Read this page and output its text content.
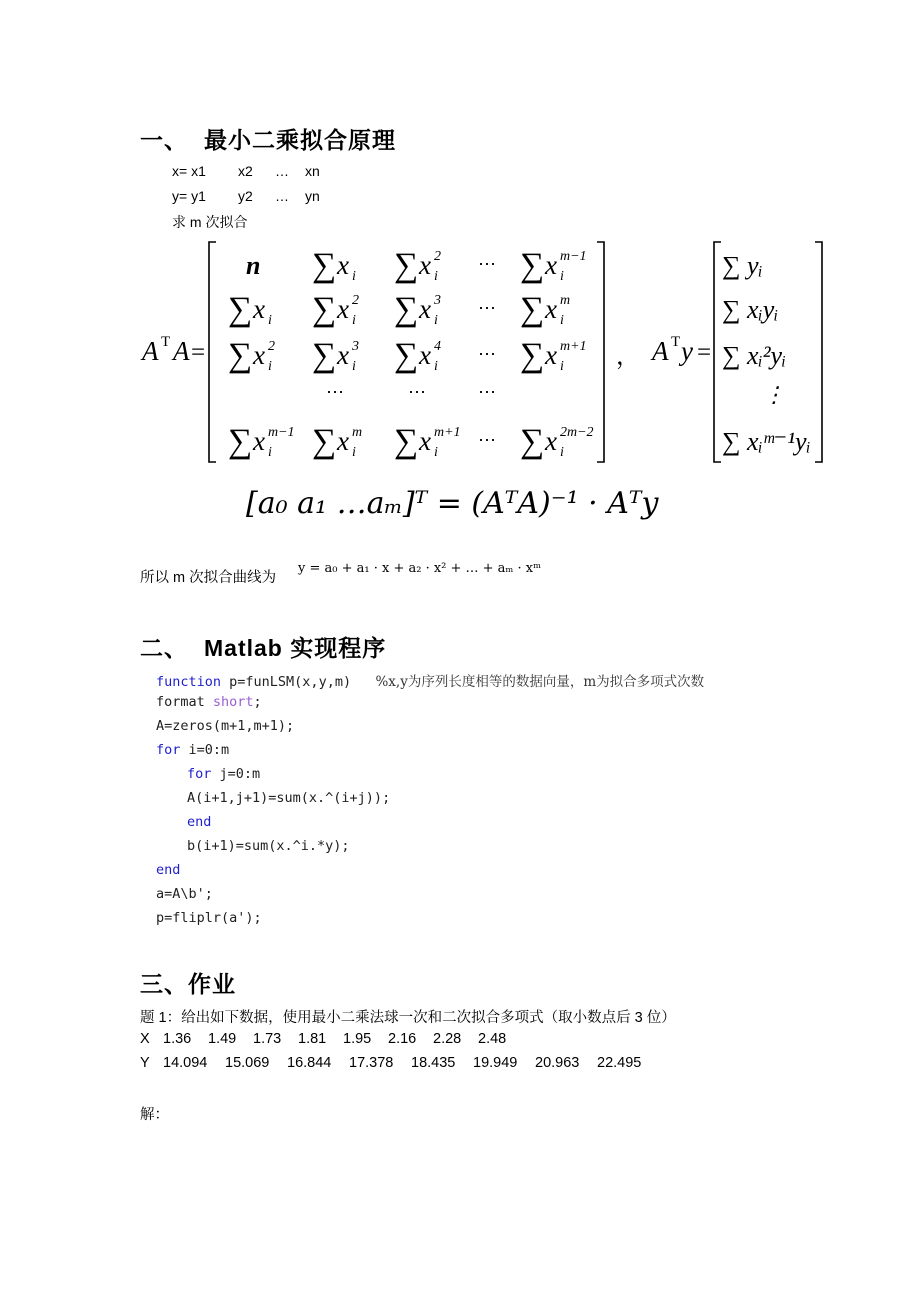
一、 最小二乘拟合原理
x= x1 x2 … xn
y= y1 y2 … yn
求 m 次拟合
A T A =
n ∑ x i ∑ x i
2 ⋯ ∑ x i
m−1
∑ x i ∑ x i
2 ∑ x i
3 ⋯ ∑ x i
m
∑ x i
2 ∑ x i
3 ∑ x i
4 ⋯ ∑ x i
m+1
⋯	⋯	⋯
∑ x i
m−1 ∑ x i
m ∑ x i
m+1 ⋯ ∑ x i
2m−2
， A T y =
∑ yᵢ
∑ xᵢyᵢ
∑ xᵢ²yᵢ
⋮
∑ xᵢᵐ⁻¹yᵢ
[a₀ a₁ …aₘ]ᵀ = (AᵀA)⁻¹ · Aᵀy
所以 m 次拟合曲线为
y = a₀ + a₁ · x + a₂ · x² + … + aₘ · xᵐ
二、 Matlab 实现程序
function p=funLSM(x,y,m)   %x,y为序列长度相等的数据向量，m为拟合多项式次数
format short;
A=zeros(m+1,m+1);
for i=0:m
for j=0:m
A(i+1,j+1)=sum(x.^(i+j));
end
b(i+1)=sum(x.^i.*y);
end
a=A\b';
p=fliplr(a');
三、作业
题 1：给出如下数据，使用最小二乘法球一次和二次拟合多项式（取小数点后 3 位）
X 1.36 1.49 1.73 1.81 1.95 2.16 2.28 2.48
Y 14.094 15.069 16.844 17.378 18.435 19.949 20.963 22.495
解：
